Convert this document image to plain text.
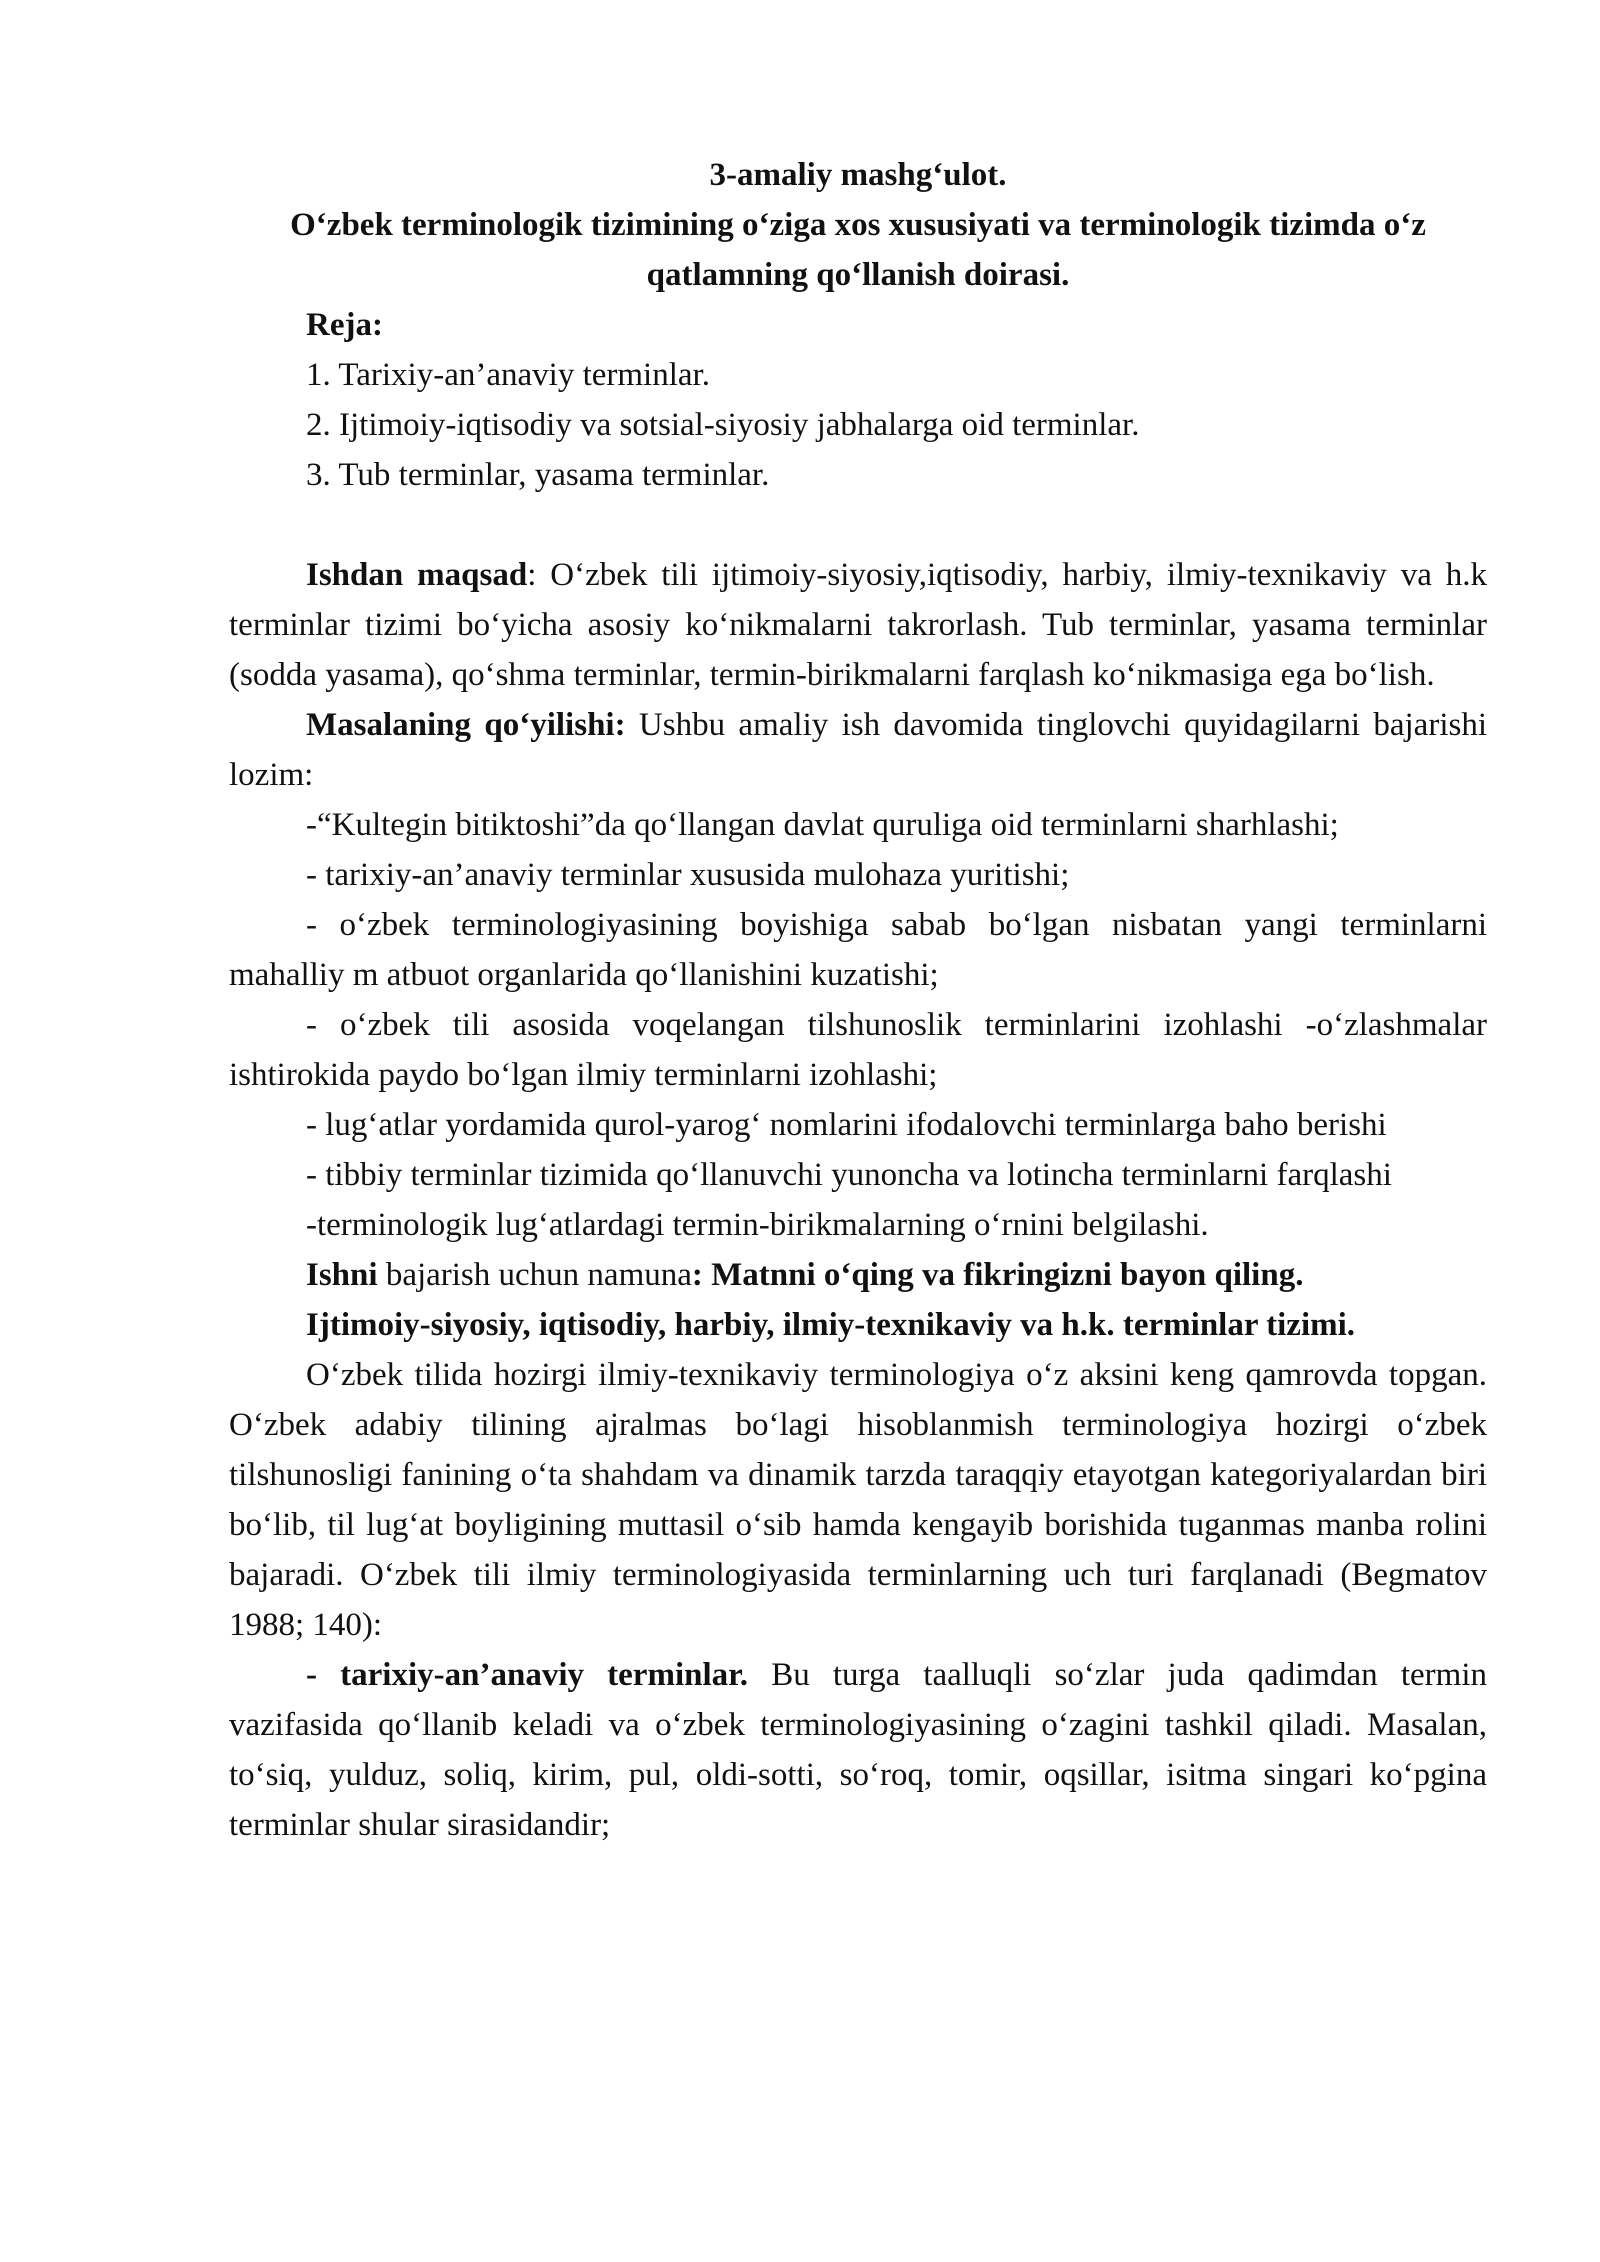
3-amaliy mashg‘ulot.
O‘zbek terminologik tizimining o‘ziga xos xususiyati va terminologik tizimda o‘z qatlamning qo‘llanish doirasi.

Reja:

1. Tarixiy-an’anaviy terminlar.

2. Ijtimoiy-iqtisodiy va sotsial-siyosiy jabhalarga oid terminlar.

3. Tub terminlar, yasama terminlar.

Ishdan maqsad: O‘zbek tili ijtimoiy-siyosiy,iqtisodiy, harbiy, ilmiy-texnikaviy va h.k terminlar tizimi bo‘yicha asosiy ko‘nikmalarni takrorlash. Tub terminlar, yasama terminlar (sodda yasama), qo‘shma terminlar, termin-birikmalarni farqlash ko‘nikmasiga ega bo‘lish.

Masalaning qo‘yilishi: Ushbu amaliy ish davomida tinglovchi quyidagilarni bajarishi lozim:

-“Kultegin bitiktoshi”da qo‘llangan davlat quruliga oid terminlarni sharhlashi;

- tarixiy-an’anaviy terminlar xususida mulohaza yuritishi;

- o‘zbek terminologiyasining boyishiga sabab bo‘lgan nisbatan yangi terminlarni mahalliy m atbuot organlarida qo‘llanishini kuzatishi;

- o‘zbek tili asosida voqelangan tilshunoslik terminlarini izohlashi -o‘zlashmalar ishtirokida paydo bo‘lgan ilmiy terminlarni izohlashi;

- lug‘atlar yordamida qurol-yarog‘ nomlarini ifodalovchi terminlarga baho berishi

- tibbiy terminlar tizimida qo‘llanuvchi yunoncha va lotincha terminlarni farqlashi

-terminologik lug‘atlardagi termin-birikmalarning o‘rnini belgilashi.

Ishni bajarish uchun namuna: Matnni o‘qing va fikringizni bayon qiling.

Ijtimoiy-siyosiy, iqtisodiy, harbiy, ilmiy-texnikaviy va h.k. terminlar tizimi.

O‘zbek tilida hozirgi ilmiy-texnikaviy terminologiya o‘z aksini keng qamrovda topgan. O‘zbek adabiy tilining ajralmas bo‘lagi hisoblanmish terminologiya hozirgi o‘zbek tilshunosligi fanining o‘ta shahdam va dinamik tarzda taraqqiy etayotgan kategoriyalardan biri bo‘lib, til lug‘at boyligining muttasil o‘sib hamda kengayib borishida tuganmas manba rolini bajaradi. O‘zbek tili ilmiy terminologiyasida terminlarning uch turi farqlanadi (Begmatov 1988; 140):

- tarixiy-an’anaviy terminlar. Bu turga taalluqli so‘zlar juda qadimdan termin vazifasida qo‘llanib keladi va o‘zbek terminologiyasining o‘zagini tashkil qiladi. Masalan, to‘siq, yulduz, soliq, kirim, pul, oldi-sotti, so‘roq, tomir, oqsillar, isitma singari ko‘pgina terminlar shular sirasidandir;
